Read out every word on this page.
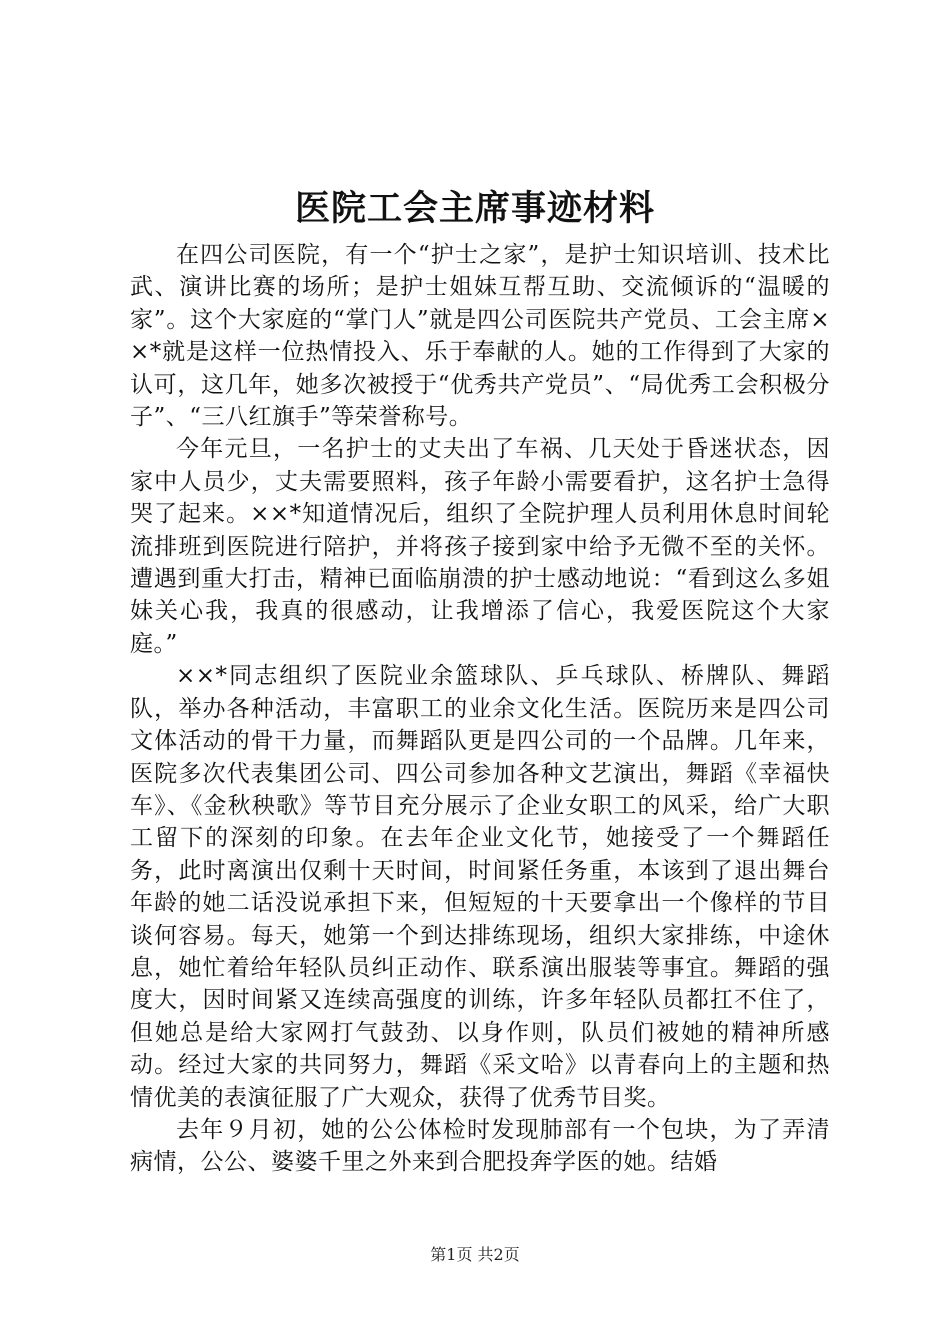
医院工会主席事迹材料

在四公司医院，有一个“护士之家”，是护士知识培训、技术比武、演讲比赛的场所；是护士姐妹互帮互助、交流倾诉的“温暖的家”。这个大家庭的“掌门人”就是四公司医院共产党员、工会主席××*就是这样一位热情投入、乐于奉献的人。她的工作得到了大家的认可，这几年，她多次被授于“优秀共产党员”、“局优秀工会积极分子”、“三八红旗手”等荣誉称号。

今年元旦，一名护士的丈夫出了车祸、几天处于昏迷状态，因家中人员少，丈夫需要照料，孩子年龄小需要看护，这名护士急得哭了起来。××*知道情况后，组织了全院护理人员利用休息时间轮流排班到医院进行陪护，并将孩子接到家中给予无微不至的关怀。遭遇到重大打击，精神已面临崩溃的护士感动地说：“看到这么多姐妹关心我，我真的很感动，让我增添了信心，我爱医院这个大家庭。”

××*同志组织了医院业余篮球队、乒乓球队、桥牌队、舞蹈队，举办各种活动，丰富职工的业余文化生活。医院历来是四公司文体活动的骨干力量，而舞蹈队更是四公司的一个品牌。几年来，医院多次代表集团公司、四公司参加各种文艺演出，舞蹈《幸福快车》、《金秋秧歌》等节目充分展示了企业女职工的风采，给广大职工留下的深刻的印象。在去年企业文化节，她接受了一个舞蹈任务，此时离演出仅剩十天时间，时间紧任务重，本该到了退出舞台年龄的她二话没说承担下来，但短短的十天要拿出一个像样的节目谈何容易。每天，她第一个到达排练现场，组织大家排练，中途休息，她忙着给年轻队员纠正动作、联系演出服装等事宜。舞蹈的强度大，因时间紧又连续高强度的训练，许多年轻队员都扛不住了，但她总是给大家网打气鼓劲、以身作则，队员们被她的精神所感动。经过大家的共同努力，舞蹈《采文哈》以青春向上的主题和热情优美的表演征服了广大观众，获得了优秀节目奖。

去年９月初，她的公公体检时发现肺部有一个包块，为了弄清病情，公公、婆婆千里之外来到合肥投奔学医的她。结婚

第1页 共2页
